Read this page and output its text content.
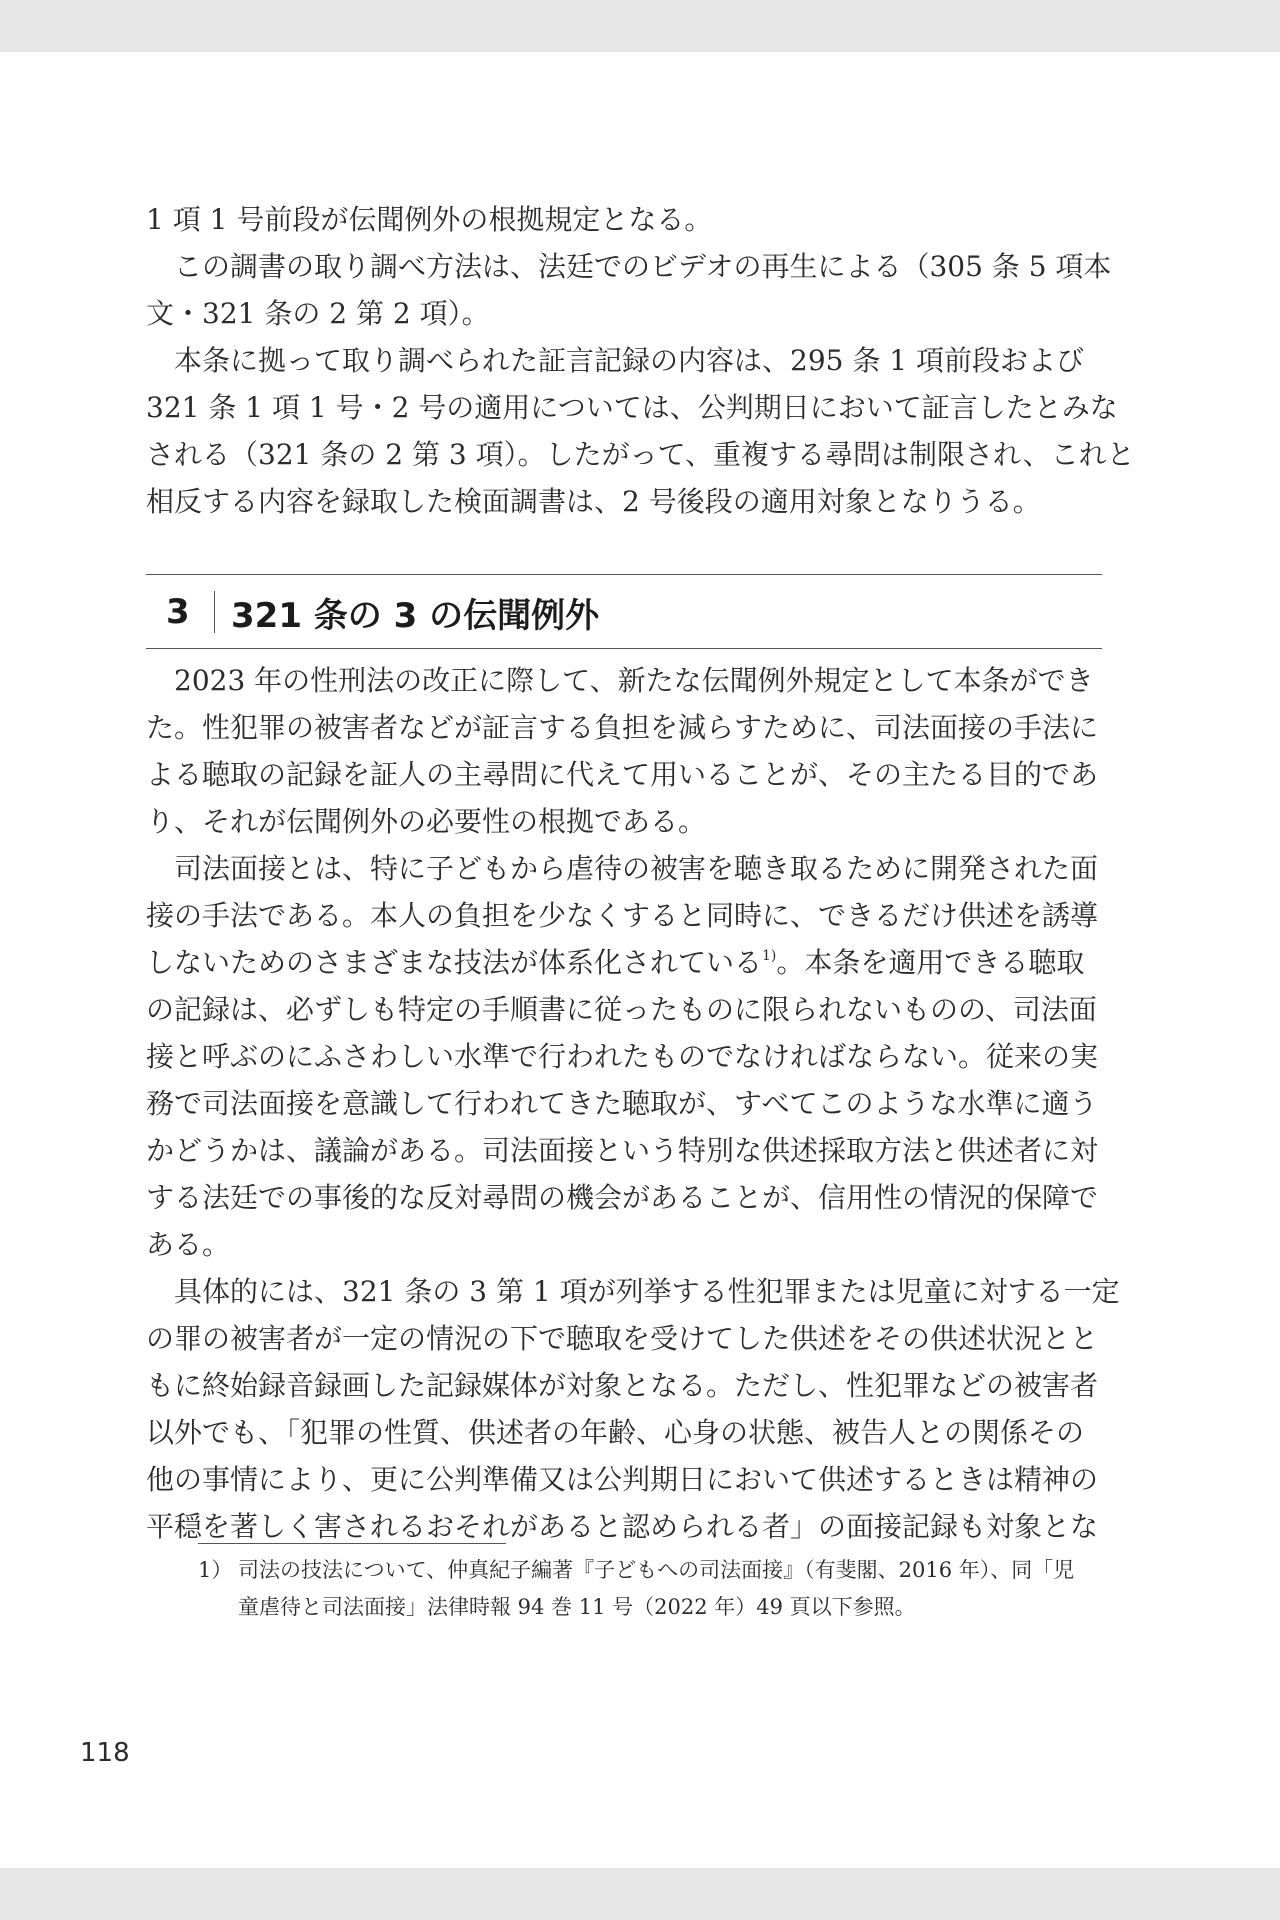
1 項 1 号前段が伝聞例外の根拠規定となる。
この調書の取り調べ方法は、法廷でのビデオの再生による（305 条 5 項本
文・321 条の 2 第 2 項）。
本条に拠って取り調べられた証言記録の内容は、295 条 1 項前段および
321 条 1 項 1 号・2 号の適用については、公判期日において証言したとみな
される（321 条の 2 第 3 項）。したがって、重複する尋問は制限され、これと
相反する内容を録取した検面調書は、2 号後段の適用対象となりうる。
3 321 条の 3 の伝聞例外
2023 年の性刑法の改正に際して、新たな伝聞例外規定として本条ができ
た。性犯罪の被害者などが証言する負担を減らすために、司法面接の手法に
よる聴取の記録を証人の主尋問に代えて用いることが、その主たる目的であ
り、それが伝聞例外の必要性の根拠である。
司法面接とは、特に子どもから虐待の被害を聴き取るために開発された面
接の手法である。本人の負担を少なくすると同時に、できるだけ供述を誘導
しないためのさまざまな技法が体系化されている$^{1)}$。本条を適用できる聴取
の記録は、必ずしも特定の手順書に従ったものに限られないものの、司法面
接と呼ぶのにふさわしい水準で行われたものでなければならない。従来の実
務で司法面接を意識して行われてきた聴取が、すべてこのような水準に適う
かどうかは、議論がある。司法面接という特別な供述採取方法と供述者に対
する法廷での事後的な反対尋問の機会があることが、信用性の情況的保障で
ある。
具体的には、321 条の 3 第 1 項が列挙する性犯罪または児童に対する一定
の罪の被害者が一定の情況の下で聴取を受けてした供述をその供述状況とと
もに終始録音録画した記録媒体が対象となる。ただし、性犯罪などの被害者
以外でも、「犯罪の性質、供述者の年齢、心身の状態、被告人との関係その
他の事情により、更に公判準備又は公判期日において供述するときは精神の
平穏を著しく害されるおそれがあると認められる者」の面接記録も対象とな
1） 司法の技法について、仲真紀子編著『子どもへの司法面接』（有斐閣、2016 年）、同「児
童虐待と司法面接」法律時報 94 巻 11 号（2022 年）49 頁以下参照。
118
